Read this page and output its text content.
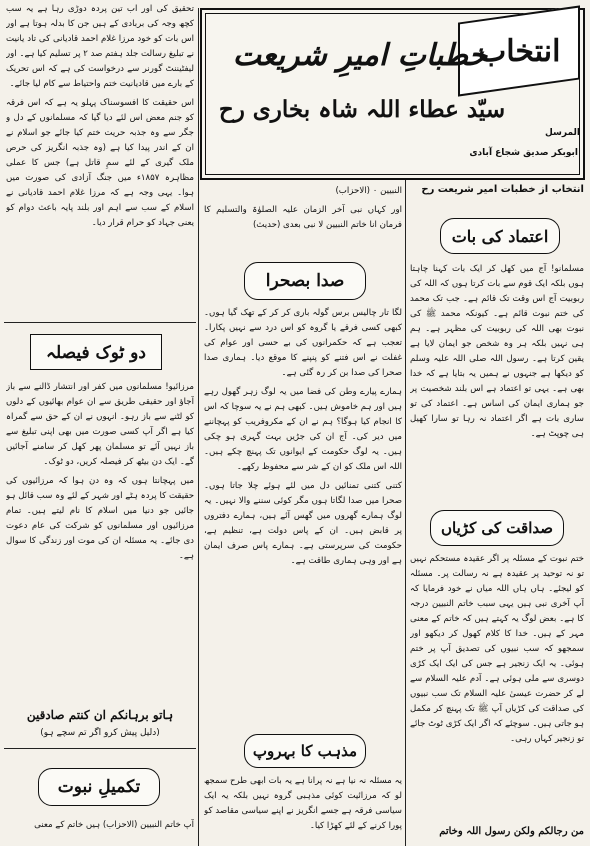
انتخاب
خطباتِ امیرِ شریعت
سیّد عطاء اللہ شاہ بخاری رح
المرسل
ابوبکر صدیق شجاع آبادی

تحقیق کی اور اب تین پردہ دوڑی رہا ہے یہ سب کچھ وجہ کی بربادی کے ہیں جن کا بدلہ ہوتا ہے اور اس بات کو خود مرزا غلام احمد قادیانی کی تاد یانیت نے تبلیغ رسالت جلد ہفتم صد ۲ پر تسلیم کیا ہے۔ اور لیفٹیننٹ گورنر سے درخواست کی ہے کہ اس تحریک کے بارے میں قادیانیت ختم واحتیاط سے کام لیا جائے۔

اس حقیقت کا افسوسناک پہلو یہ ہے کہ اس فرقہ کو جنم معض اس لئے دیا گیا کہ مسلمانوں کے دل و جگر سے وہ جذبہ حریت ختم کیا جائے جو اسلام نے ان کے اندر پیدا کیا ہے (وہ جذبہ انگریز کی حرص ملک گیری کے لئے سمِ قاتل ہے) جس کا عملی مظاہرہ ۱۸۵۷ء میں جنگ آزادی کی صورت میں ہوا۔ یہی وجہ ہے کہ مرزا غلام احمد قادیانی نے اسلام کے سب سے اہم اور بلند پایہ باعث دوام کو یعنی جہاد کو حرام قرار دیا۔

دو ٹوک فیصلہ

مرزائیو! مسلمانوں میں کفر اور انتشار ڈالنے سے باز آجاؤ اور حقیقی طریق سے ان عوام بھائیوں کے دلوں کو لٹنے سے باز رہو۔ انہوں نے ان کے حق سے گمراہ کیا ہے اگر آپ کسی صورت میں بھی اپنی تبلیغ سے باز نہیں آئے تو مسلمان پھر کھل کر سامنے آجائیں گے۔ ایک دن بیٹھ کر فیصلہ کریں، دو ٹوک۔

میں پہچانتا ہوں کہ وہ دن ہوا کہ مرزائیوں کی حقیقت کا پردہ ہٹے اور شہر کے لئے وہ سب قائل ہو جائیں جو دنیا میں اسلام کا نام لیتے ہیں۔ تمام مرزائیوں اور مسلمانوں کو شرکت کی عام دعوت دی جائے۔ یہ مسئلہ ان کی موت اور زندگی کا سوال ہے۔

ہاتو برہانکم ان کنتم صادقین
(دلیل پیش کرو اگر تم سچے ہو)
تکمیلِ نبوت

آپ خاتم النبیین (الاحزاب) ہیں خاتم کے معنی

النبیین ۰ (الاحزاب)

اور کہاں نبی آخر الزمان علیہ الصلوٰۃ والتسلیم کا فرمان انا خاتم النبیین لا نبی بعدی (حدیث)

صدا بصحرا

لگا تار چالیس برس گولہ باری کر کر کے تھک گیا ہوں۔ کبھی کسی فرقے یا گروہ کو اس درد سے نہیں پکارا۔ تعجب ہے کہ حکمرانوں کی بے حسی اور عوام کی غفلت نے اس فتنے کو پنپنے کا موقع دیا۔ ہماری صدا صحرا کی صدا بن کر رہ گئی ہے۔

ہمارے پیارے وطن کی فضا میں یہ لوگ زہر گھول رہے ہیں اور ہم خاموش ہیں۔ کبھی ہم نے یہ سوچا کہ اس کا انجام کیا ہوگا؟ ہم نے ان کے مکروفریب کو پہچاننے میں دیر کی۔ آج ان کی جڑیں بہت گہری ہو چکی ہیں۔ یہ لوگ حکومت کے ایوانوں تک پہنچ چکے ہیں۔ اللہ اس ملک کو ان کے شر سے محفوظ رکھے۔

کتنی کتنی تمنائیں دل میں لئے ہوئے چلا جاتا ہوں۔ صحرا میں صدا لگاتا ہوں مگر کوئی سننے والا نہیں۔ یہ لوگ ہمارے گھروں میں گھس آئے ہیں، ہمارے دفتروں پر قابض ہیں۔ ان کے پاس دولت ہے، تنظیم ہے، حکومت کی سرپرستی ہے۔ ہمارے پاس صرف ایمان ہے اور وہی ہماری طاقت ہے۔

مذہب کا بہروپ

یہ مسئلہ نہ نیا ہے نہ پرانا ہے یہ بات ابھی طرح سمجھ لو کہ مرزائیت کوئی مذہبی گروہ نہیں بلکہ یہ ایک سیاسی فرقہ ہے جسے انگریز نے اپنے سیاسی مقاصد کو پورا کرنے کے لئے کھڑا کیا۔

انتخاب از خطبات امیر شریعت رح
اعتماد کی بات

مسلمانو! آج میں کھل کر ایک بات کہنا چاہتا ہوں بلکہ ایک قوم سے بات کرتا ہوں کہ اللہ کی ربوبیت آج اس وقت تک قائم ہے۔ جب تک محمد کی ختم نبوت قائم ہے۔ کیونکہ محمد ﷺ کی نبوت بھی اللہ کی ربوبیت کی مظہر ہے۔ ہم ہی نہیں بلکہ ہر وہ شخص جو ایمان لایا ہے یقین کرتا ہے۔ رسول اللہ صلی اللہ علیہ وسلم کو دیکھا ہے جنہوں نے ہمیں یہ بتایا ہے کہ خدا بھی ہے۔ یہی تو اعتماد ہے اس بلند شخصیت پر جو ہماری ایمان کی اساس ہے۔ اعتماد کی تو ساری بات ہے اگر اعتماد نہ رہا تو سارا کھیل ہی چوپٹ ہے۔

صداقت کی کڑیاں

ختم نبوت کے مسئلہ پر اگر عقیدہ مستحکم نہیں تو نہ توحید پر عقیدہ ہے نہ رسالت پر۔ مسئلہ کو لیجئے۔ ہاں ہاں اللہ میاں نے خود فرمایا کہ آپ آخری نبی ہیں یہی سبب خاتم النبیین درجہ کا ہے۔ بعض لوگ یہ کہتے ہیں کہ خاتم کے معنی مہر کے ہیں۔ خدا کا کلام کھول کر دیکھو اور سمجھو کہ سب نبیوں کی تصدیق آپ پر ختم ہوئی۔ یہ ایک زنجیر ہے جس کی ایک ایک کڑی دوسری سے ملی ہوئی ہے۔ آدم علیہ السلام سے لے کر حضرت عیسیٰ علیہ السلام تک سب نبیوں کی صداقت کی کڑیاں آپ ﷺ تک پہنچ کر مکمل ہو جاتی ہیں۔ سوچئے کہ اگر ایک کڑی ٹوٹ جائے تو زنجیر کہاں رہی۔

من رجالکم ولکن رسول اللہ وخاتم
